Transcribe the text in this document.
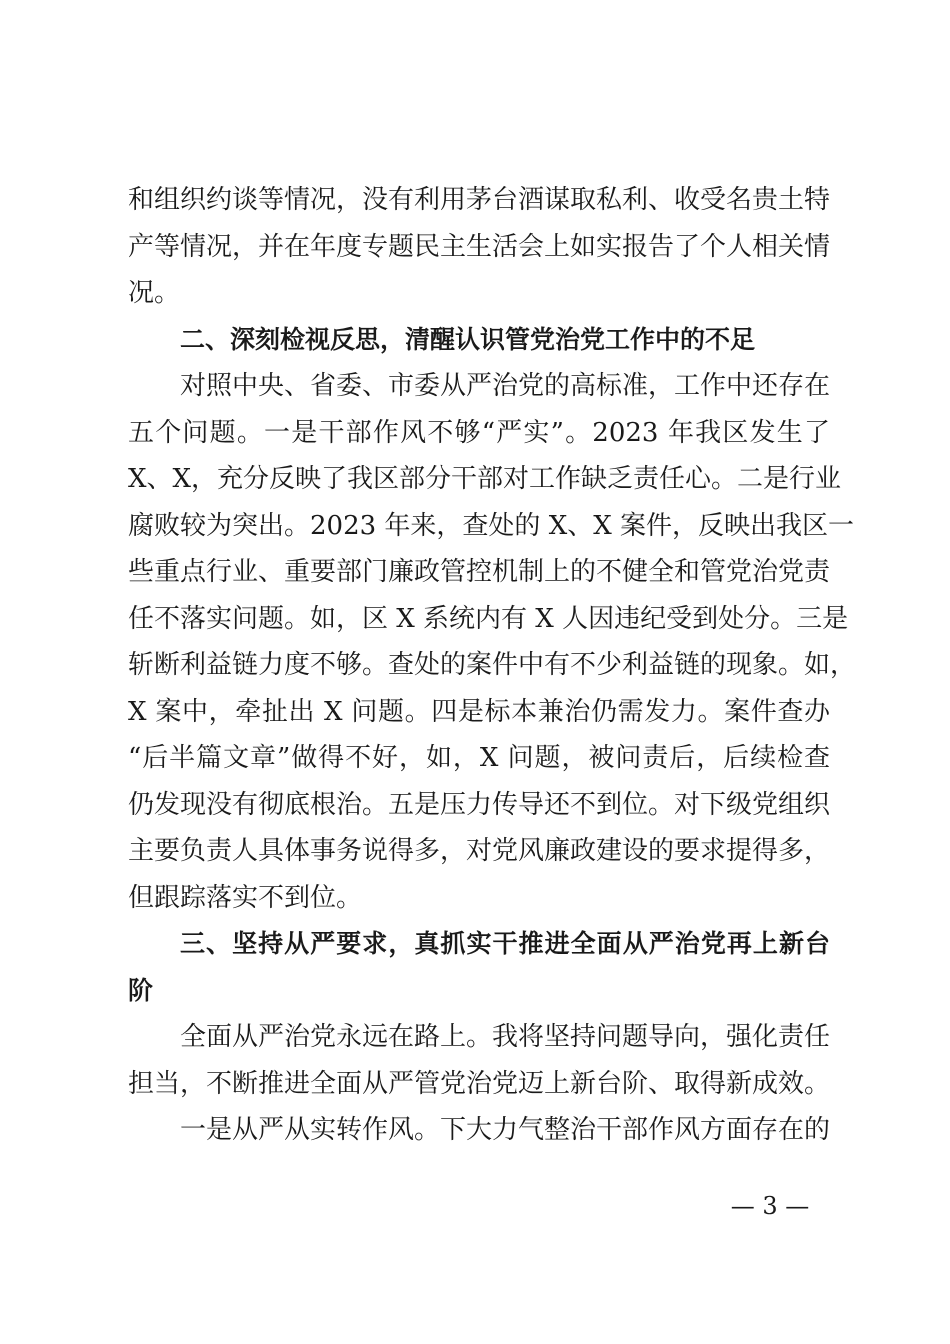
和组织约谈等情况，没有利用茅台酒谋取私利、收受名贵土特
产等情况，并在年度专题民主生活会上如实报告了个人相关情
况。
二、深刻检视反思，清醒认识管党治党工作中的不足
对照中央、省委、市委从严治党的高标准，工作中还存在
五个问题。一是干部作风不够“严实”。2023 年我区发生了
X、X，充分反映了我区部分干部对工作缺乏责任心。二是行业
腐败较为突出。2023 年来，查处的 X、X 案件，反映出我区一
些重点行业、重要部门廉政管控机制上的不健全和管党治党责
任不落实问题。如，区 X 系统内有 X 人因违纪受到处分。三是
斩断利益链力度不够。查处的案件中有不少利益链的现象。如，
X 案中，牵扯出 X 问题。四是标本兼治仍需发力。案件查办
“后半篇文章”做得不好，如，X 问题，被问责后，后续检查
仍发现没有彻底根治。五是压力传导还不到位。对下级党组织
主要负责人具体事务说得多，对党风廉政建设的要求提得多，
但跟踪落实不到位。
三、坚持从严要求，真抓实干推进全面从严治党再上新台
阶
全面从严治党永远在路上。我将坚持问题导向，强化责任
担当，不断推进全面从严管党治党迈上新台阶、取得新成效。
一是从严从实转作风。下大力气整治干部作风方面存在的
— 3 —
